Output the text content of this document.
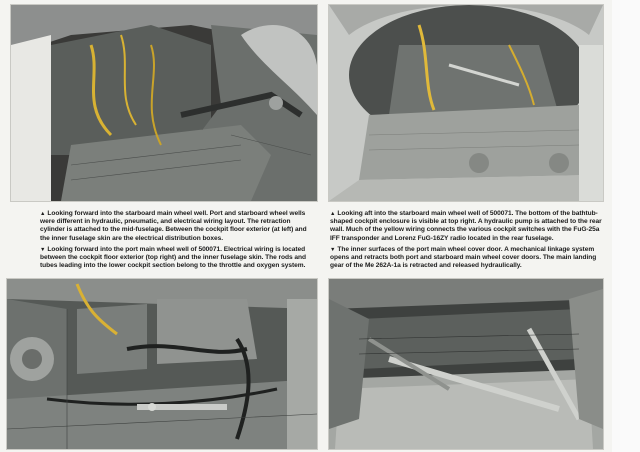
▲ Looking forward into the starboard main wheel well. Port and starboard wheel wells were different in hydraulic, pneumatic, and electrical wiring layout. The retraction cylinder is attached to the mid-fuselage. Between the cockpit floor exterior (at left) and the inner fuselage skin are the electrical distribution boxes.

▼ Looking forward into the port main wheel well of 500071. Electrical wiring is located between the cockpit floor exterior (top right) and the inner fuselage skin. The rods and tubes leading into the lower cockpit section belong to the throttle and oxygen system.

▲ Looking aft into the starboard main wheel well of 500071. The bottom of the bathtub-shaped cockpit enclosure is visible at top right. A hydraulic pump is attached to the rear wall. Much of the yellow wiring connects the various cockpit switches with the FuG-25a IFF transponder and Lorenz FuG-16ZY radio located in the rear fuselage.

▼ The inner surfaces of the port main wheel cover door. A mechanical linkage system opens and retracts both port and starboard main wheel cover doors. The main landing gear of the Me 262A-1a is retracted and released hydraulically.
